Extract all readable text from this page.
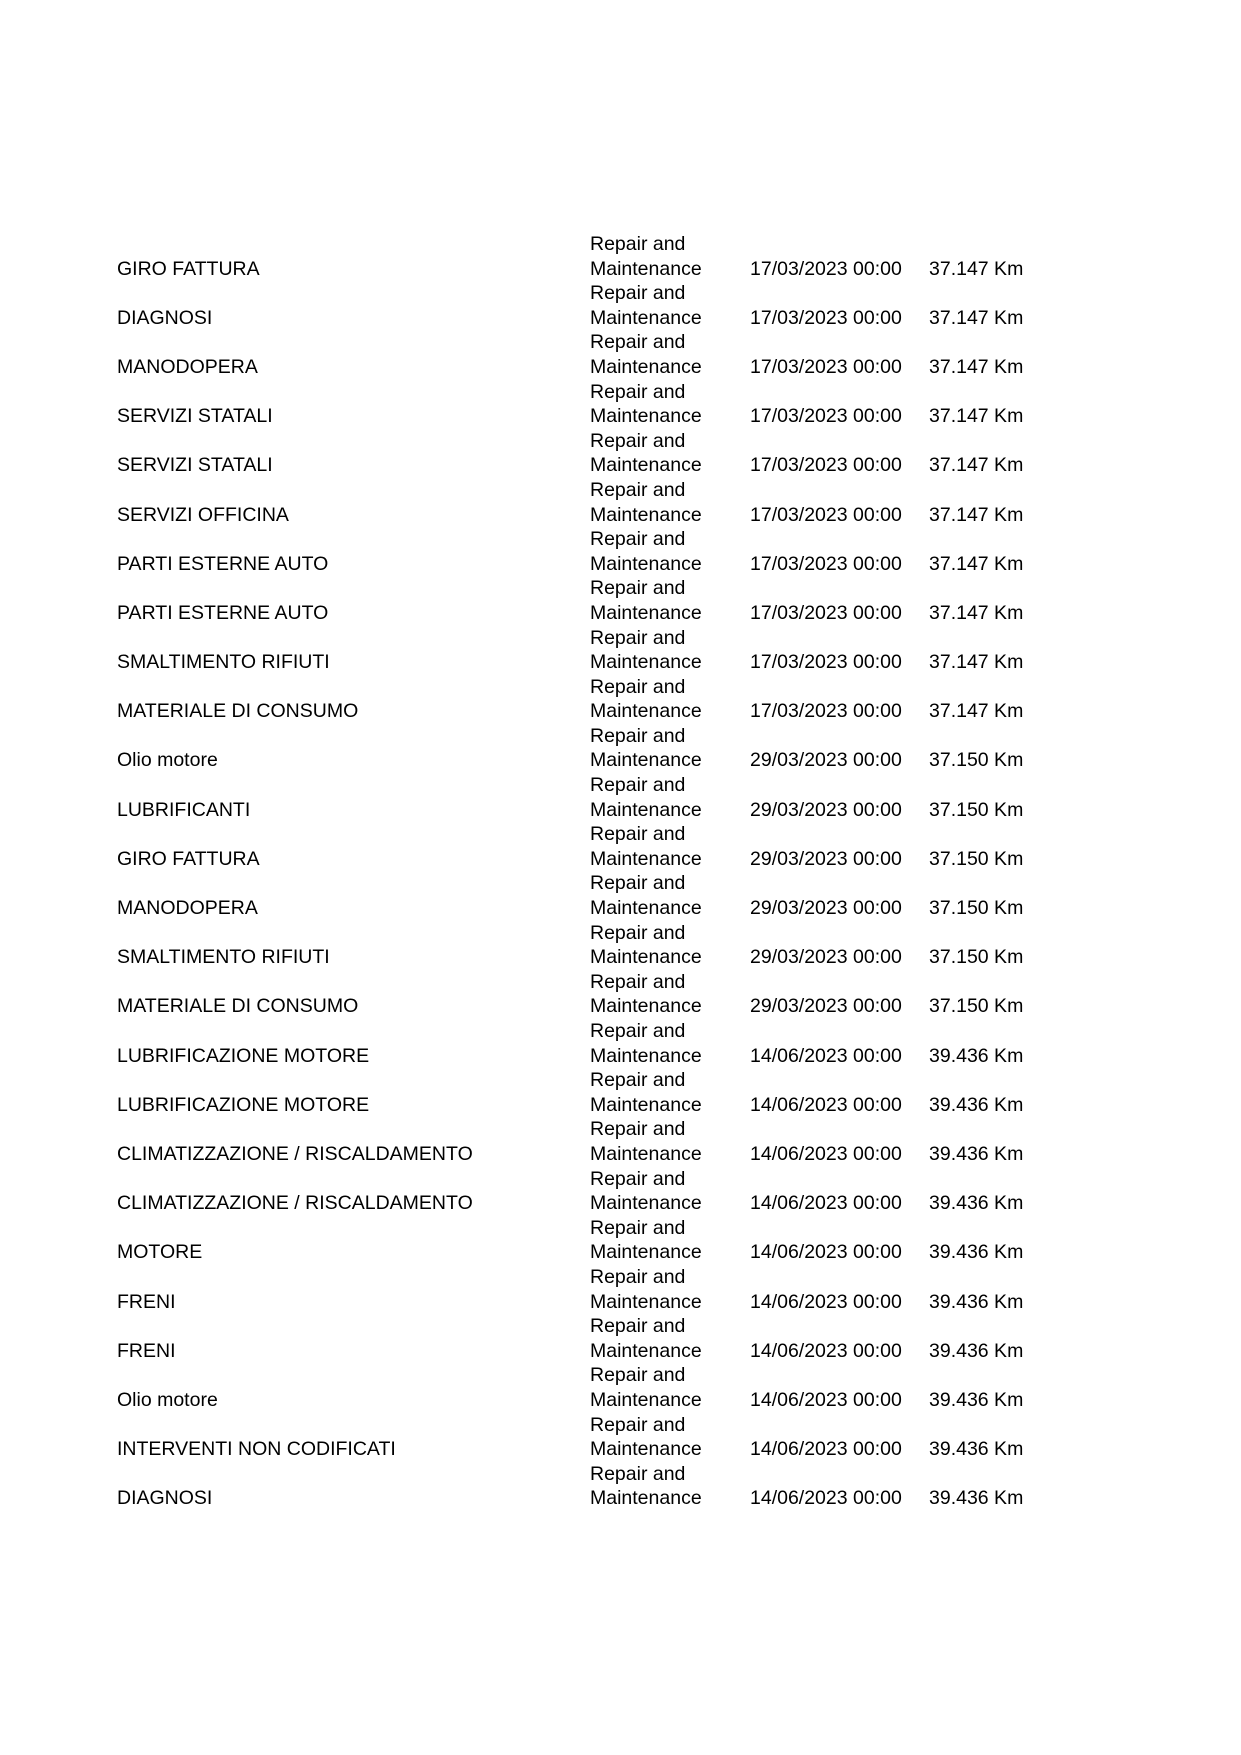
GIRO FATTURA
Repair and
Maintenance	17/03/2023 00:00 37.147 Km
DIAGNOSI
Repair and
Maintenance	17/03/2023 00:00 37.147 Km
MANODOPERA
Repair and
Maintenance	17/03/2023 00:00 37.147 Km
SERVIZI STATALI
Repair and
Maintenance	17/03/2023 00:00 37.147 Km
SERVIZI STATALI
Repair and
Maintenance	17/03/2023 00:00 37.147 Km
SERVIZI OFFICINA
Repair and
Maintenance	17/03/2023 00:00 37.147 Km
PARTI ESTERNE AUTO
Repair and
Maintenance	17/03/2023 00:00 37.147 Km
PARTI ESTERNE AUTO
Repair and
Maintenance	17/03/2023 00:00 37.147 Km
SMALTIMENTO RIFIUTI
Repair and
Maintenance	17/03/2023 00:00 37.147 Km
MATERIALE DI CONSUMO
Repair and
Maintenance	17/03/2023 00:00 37.147 Km
Olio motore
Repair and
Maintenance	29/03/2023 00:00 37.150 Km
LUBRIFICANTI
Repair and
Maintenance	29/03/2023 00:00 37.150 Km
GIRO FATTURA
Repair and
Maintenance	29/03/2023 00:00 37.150 Km
MANODOPERA
Repair and
Maintenance	29/03/2023 00:00 37.150 Km
SMALTIMENTO RIFIUTI
Repair and
Maintenance	29/03/2023 00:00 37.150 Km
MATERIALE DI CONSUMO
Repair and
Maintenance	29/03/2023 00:00 37.150 Km
LUBRIFICAZIONE MOTORE
Repair and
Maintenance	14/06/2023 00:00 39.436 Km
LUBRIFICAZIONE MOTORE
Repair and
Maintenance	14/06/2023 00:00 39.436 Km
CLIMATIZZAZIONE / RISCALDAMENTO
Repair and
Maintenance	14/06/2023 00:00 39.436 Km
CLIMATIZZAZIONE / RISCALDAMENTO
Repair and
Maintenance	14/06/2023 00:00 39.436 Km
MOTORE
Repair and
Maintenance	14/06/2023 00:00 39.436 Km
FRENI
Repair and
Maintenance	14/06/2023 00:00 39.436 Km
FRENI
Repair and
Maintenance	14/06/2023 00:00 39.436 Km
Olio motore
Repair and
Maintenance	14/06/2023 00:00 39.436 Km
INTERVENTI NON CODIFICATI
Repair and
Maintenance	14/06/2023 00:00 39.436 Km
DIAGNOSI
Repair and
Maintenance	14/06/2023 00:00 39.436 Km
